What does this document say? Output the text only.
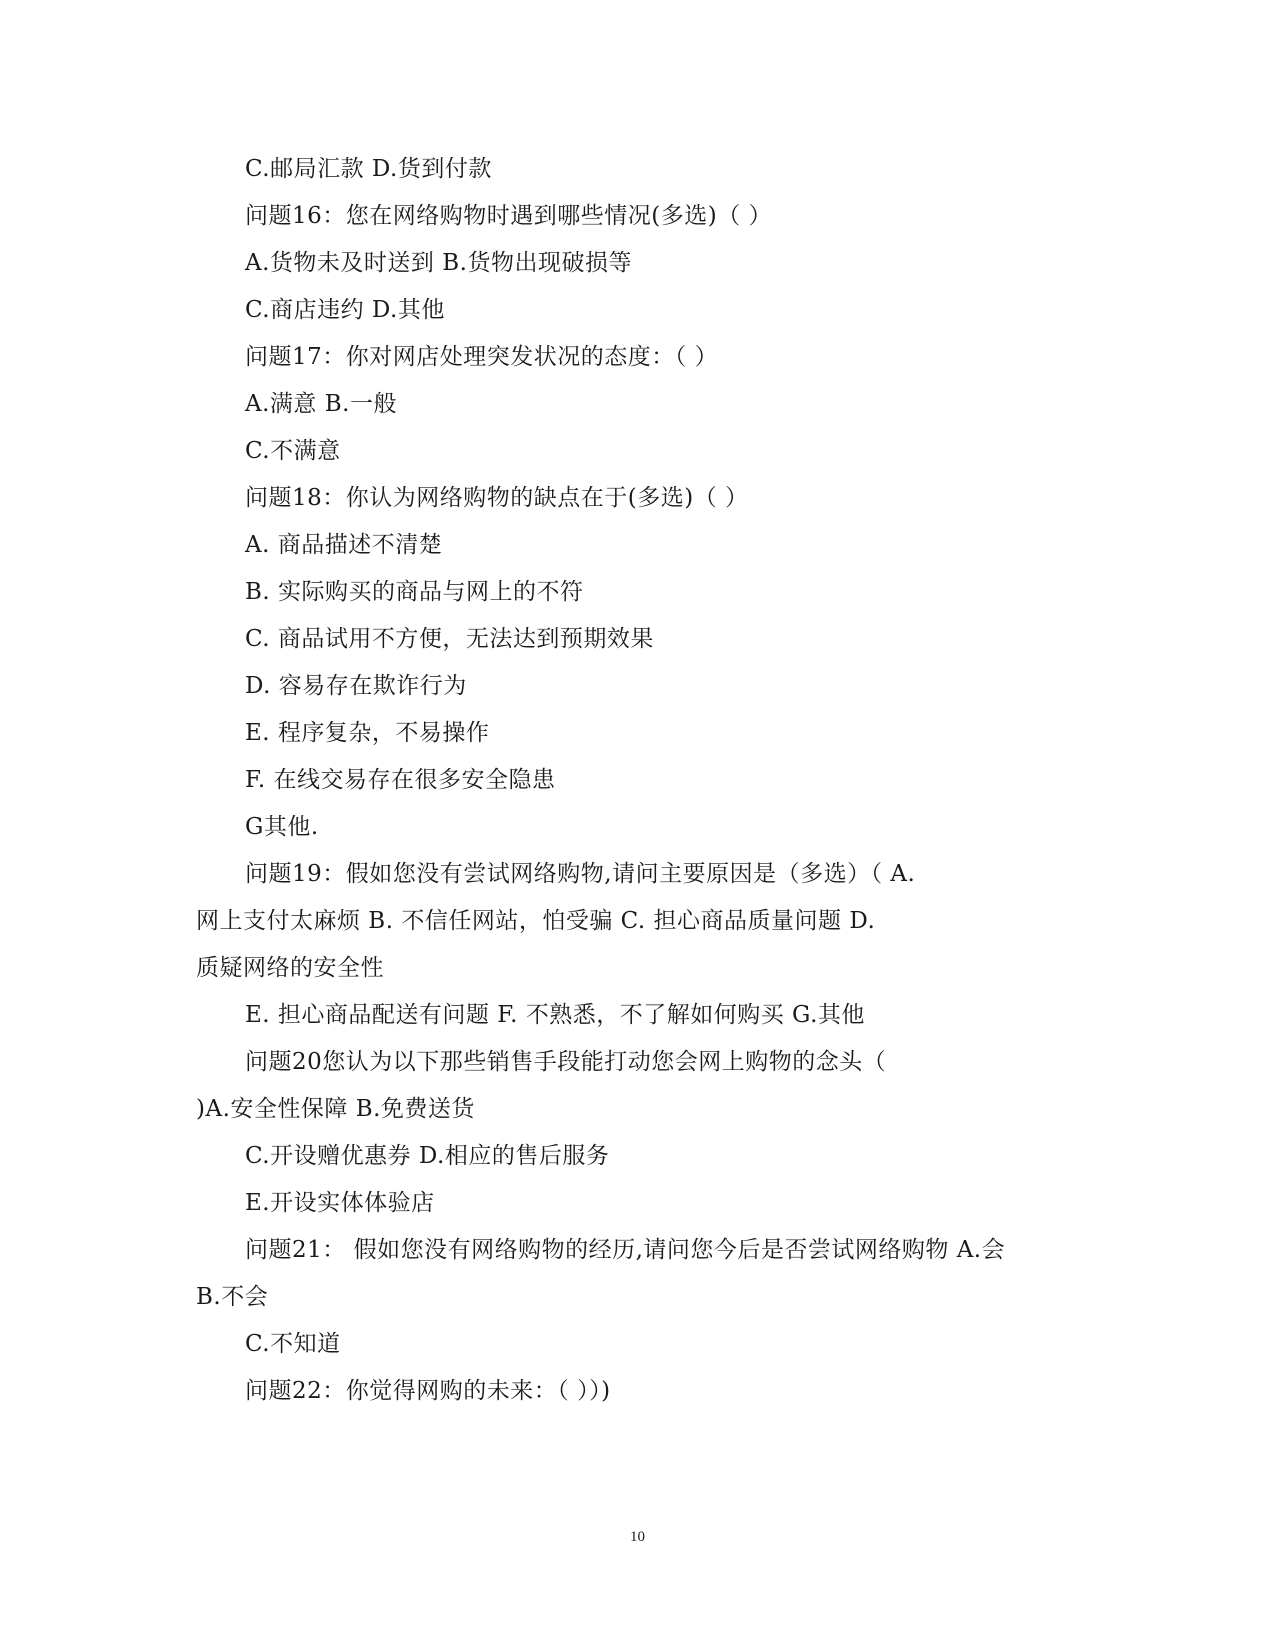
C.邮局汇款 D.货到付款
问题16：您在网络购物时遇到哪些情况(多选)（ ）
A.货物未及时送到 B.货物出现破损等
C.商店违约 D.其他
问题17：你对网店处理突发状况的态度：（ ）
A.满意 B.一般
C.不满意
问题18：你认为网络购物的缺点在于(多选)（ ）
A. 商品描述不清楚
B. 实际购买的商品与网上的不符
C. 商品试用不方便，无法达到预期效果
D. 容易存在欺诈行为
E. 程序复杂，不易操作
F. 在线交易存在很多安全隐患
G其他.
问题19：假如您没有尝试网络购物,请问主要原因是（多选）（ A.
网上支付太麻烦 B. 不信任网站，怕受骗 C. 担心商品质量问题 D.
质疑网络的安全性
E. 担心商品配送有问题 F. 不熟悉，不了解如何购买 G.其他
问题20您认为以下那些销售手段能打动您会网上购物的念头（
)A.安全性保障 B.免费送货
C.开设赠优惠券 D.相应的售后服务
E.开设实体体验店
问题21： 假如您没有网络购物的经历,请问您今后是否尝试网络购物 A.会
B.不会
C.不知道
问题22：你觉得网购的未来：（ ））)
10
